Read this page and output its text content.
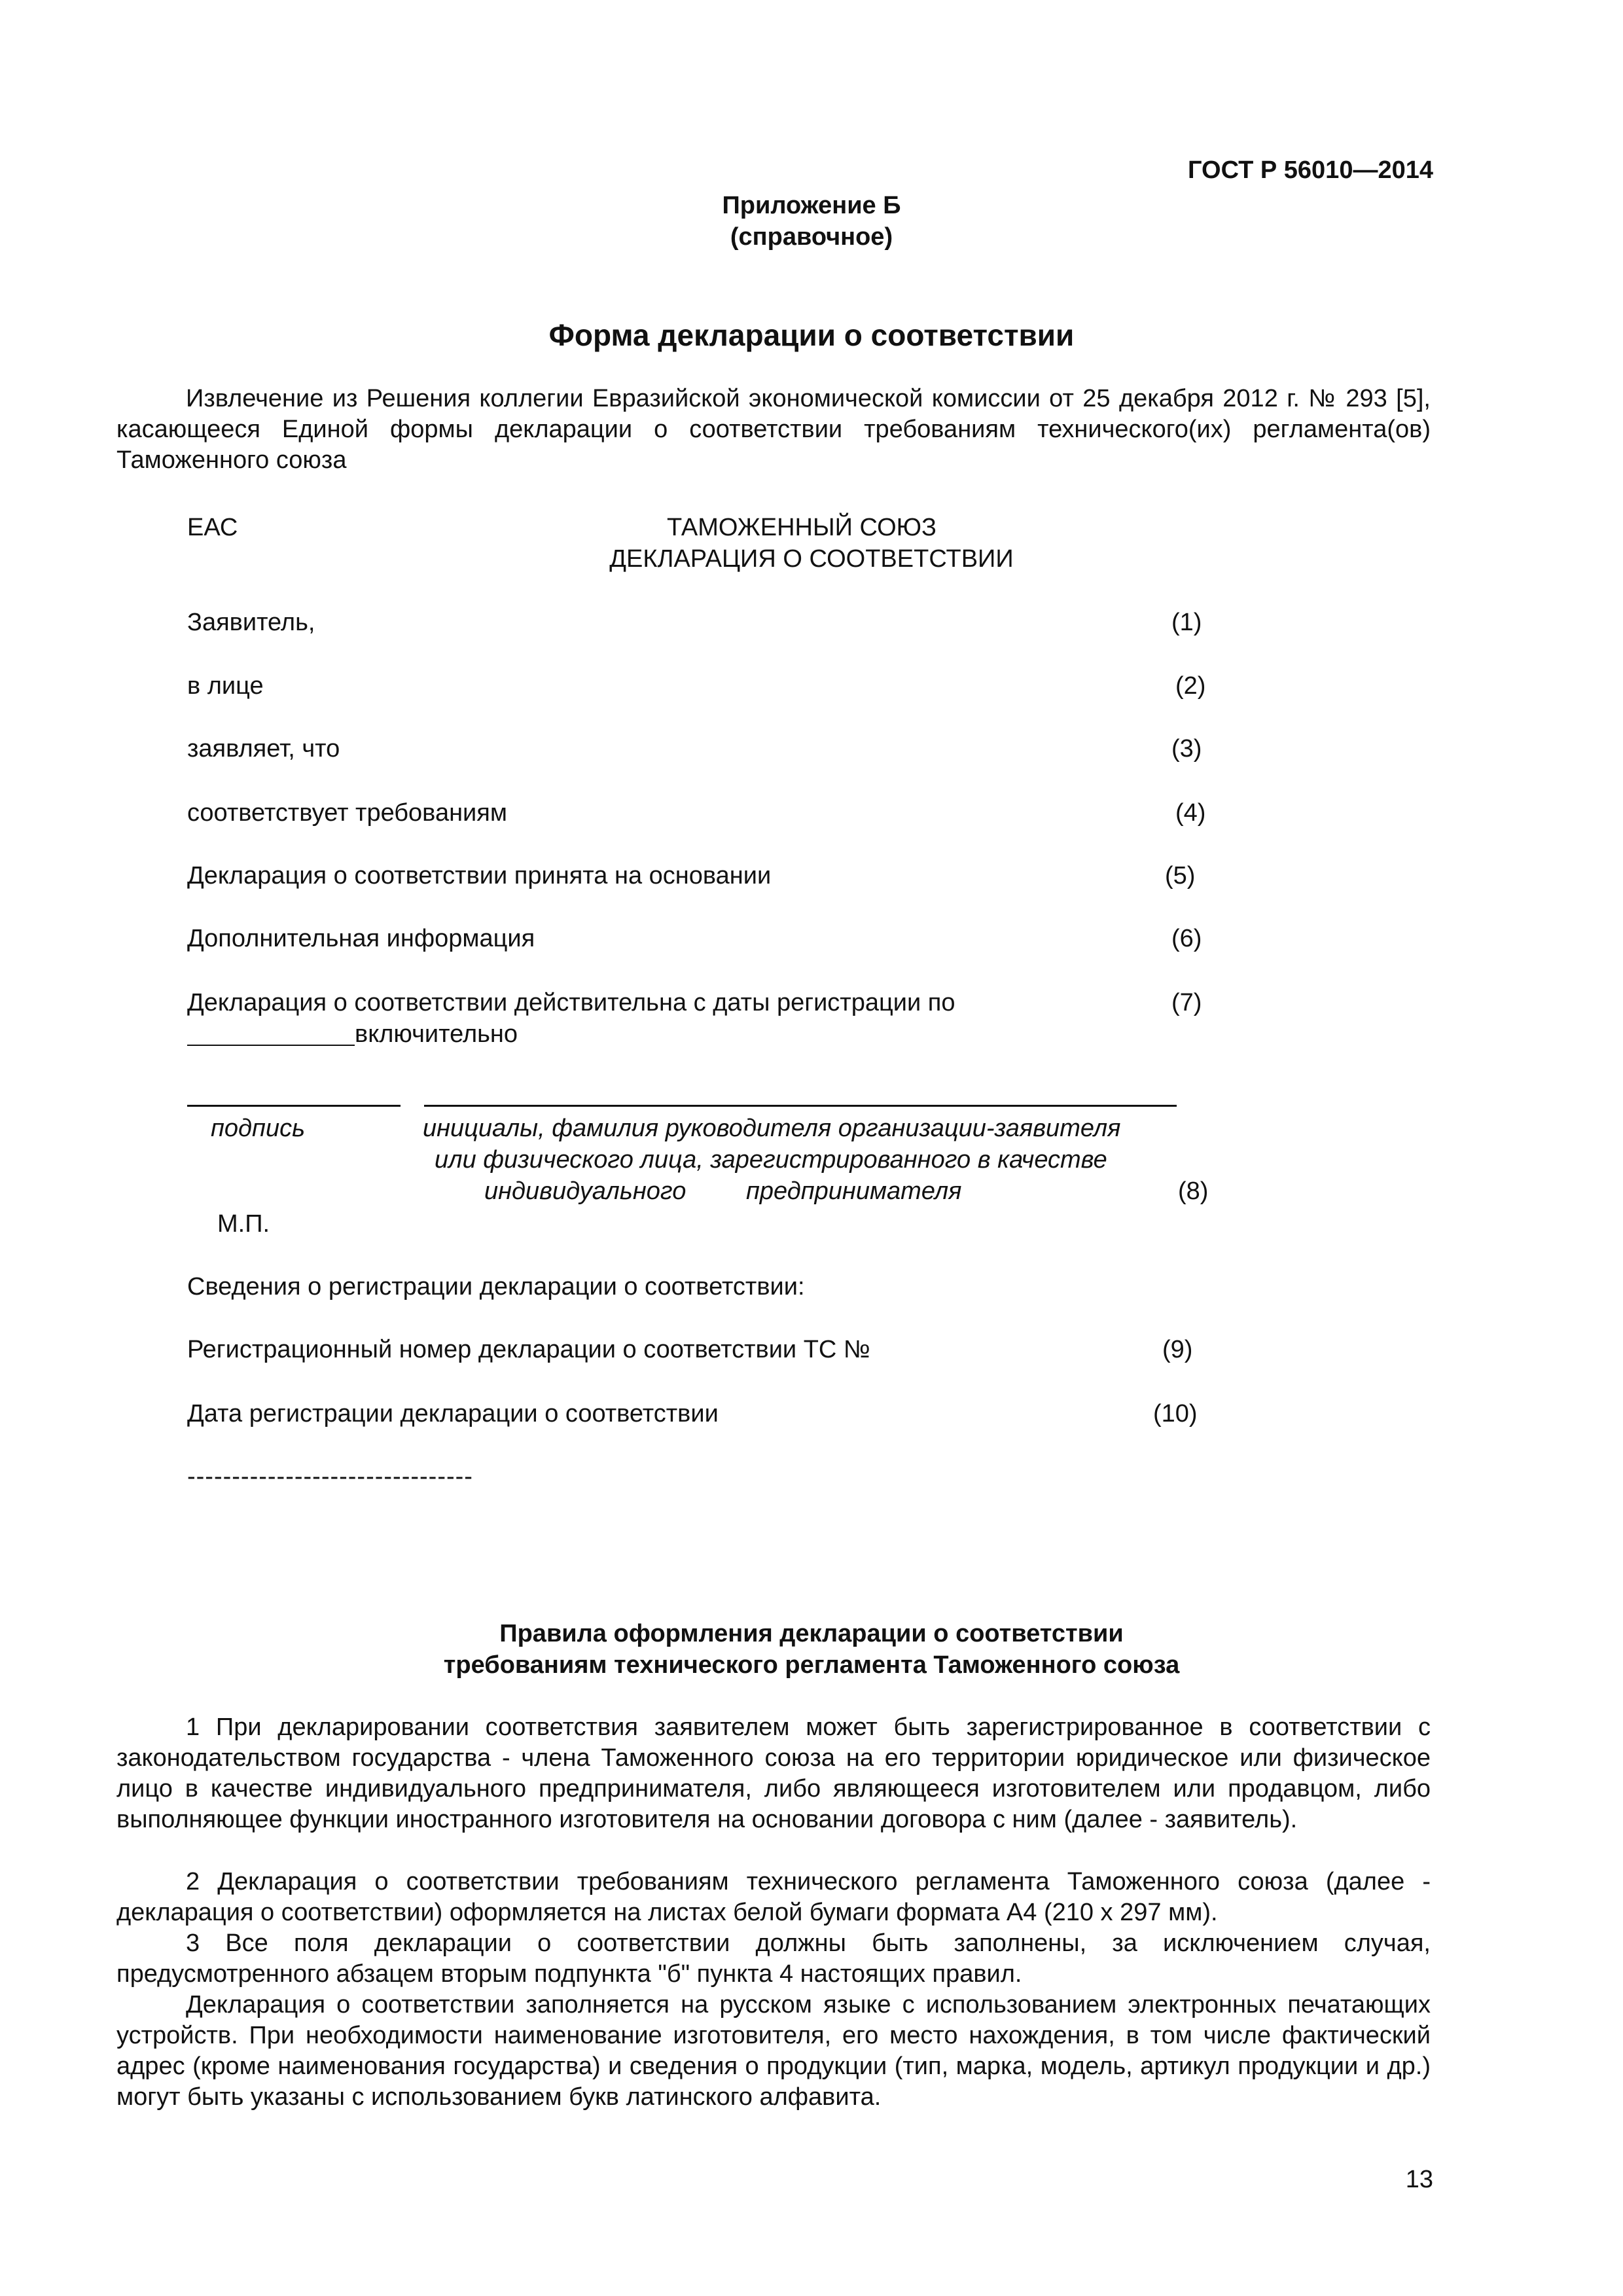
ГОСТ Р 56010—2014
Приложение Б
(справочное)
Форма декларации о соответствии
Извлечение из Решения коллегии Евразийской экономической комиссии от 25 декабря 2012 г. № 293 [5], касающееся Единой формы декларации о соответствии требованиям технического(их) регламента(ов) Таможенного союза
ЕАС	ТАМОЖЕННЫЙ СОЮЗ
ДЕКЛАРАЦИЯ О СООТВЕТСТВИИ
Заявитель,	(1)
в лице	(2)
заявляет, что	(3)
соответствует требованиям	(4)
Декларация о соответствии принята на основании	(5)
Дополнительная информация	(6)
Декларация о соответствии действительна с даты регистрации по	(7)
включительно
подпись	инициалы, фамилия руководителя организации-заявителя
или физического лица, зарегистрированного в качестве
индивидуального предпринимателя	(8)
М.П.
Сведения о регистрации декларации о соответствии:
Регистрационный номер декларации о соответствии ТС №	(9)
Дата регистрации декларации о соответствии	(10)
--------------------------------
Правила оформления декларации о соответствии
требованиям технического регламента Таможенного союза
1 При декларировании соответствия заявителем может быть зарегистрированное в соответствии с законодательством государства - члена Таможенного союза на его территории юридическое или физическое лицо в качестве индивидуального предпринимателя, либо являющееся изготовителем или продавцом, либо выполняющее функции иностранного изготовителя на основании договора с ним (далее - заявитель).
2 Декларация о соответствии требованиям технического регламента Таможенного союза (далее - декларация о соответствии) оформляется на листах белой бумаги формата А4 (210 x 297 мм).
3 Все поля декларации о соответствии должны быть заполнены, за исключением случая, предусмотренного абзацем вторым подпункта "б" пункта 4 настоящих правил.
Декларация о соответствии заполняется на русском языке с использованием электронных печатающих устройств. При необходимости наименование изготовителя, его место нахождения, в том числе фактический адрес (кроме наименования государства) и сведения о продукции (тип, марка, модель, артикул продукции и др.) могут быть указаны с использованием букв латинского алфавита.
13
